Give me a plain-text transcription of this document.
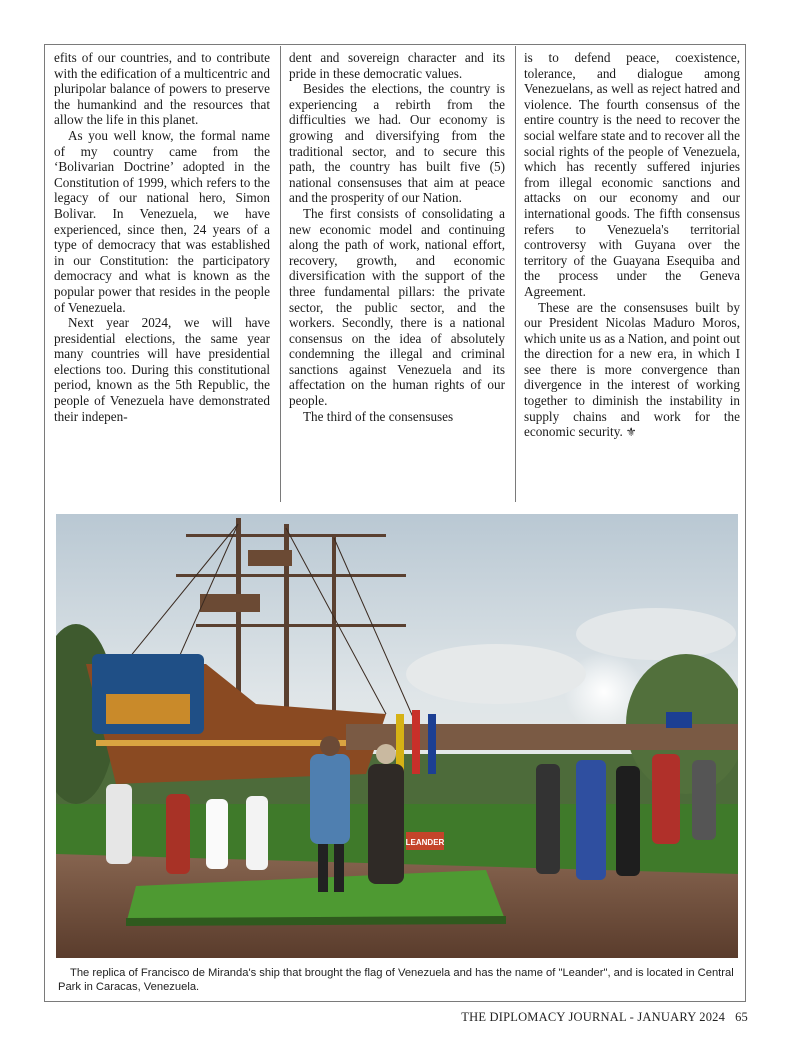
efits of our countries, and to contribute with the edification of a multicentric and pluripolar balance of powers to preserve the humankind and the resources that allow the life in this planet.

As you well know, the formal name of my country came from the ‘Bolivarian Doctrine’ adopted in the Constitution of 1999, which refers to the legacy of our national hero, Simon Bolivar. In Venezuela, we have experienced, since then, 24 years of a type of democracy that was established in our Constitution: the participatory democracy and what is known as the popular power that resides in the people of Venezuela.

Next year 2024, we will have presidential elections, the same year many countries will have presidential elections too. During this constitutional period, known as the 5th Republic, the people of Venezuela have demonstrated their indepen-

dent and sovereign character and its pride in these democratic values.

Besides the elections, the country is experiencing a rebirth from the difficulties we had. Our economy is growing and diversifying from the traditional sector, and to secure this path, the country has built five (5) national consensuses that aim at peace and the prosperity of our Nation.

The first consists of consolidating a new economic model and continuing along the path of work, national effort, recovery, growth, and economic diversification with the support of the three fundamental pillars: the private sector, the public sector, and the workers. Secondly, there is a national consensus on the idea of absolutely condemning the illegal and criminal sanctions against Venezuela and its affectation on the human rights of our people.

The third of the consensuses

is to defend peace, coexistence, tolerance, and dialogue among Venezuelans, as well as reject hatred and violence. The fourth consensus of the entire country is the need to recover the social welfare state and to recover all the social rights of the people of Venezuela, which has recently suffered injuries from illegal economic sanctions and attacks on our economy and our international goods. The fifth consensus refers to Venezuela's territorial controversy with Guyana over the territory of the Guayana Esequiba and the process under the Geneva Agreement.

These are the consensuses built by our President Nicolas Maduro Moros, which unite us as a Nation, and point out the direction for a new era, in which I see there is more convergence than divergence in the interest of working together to diminish the instability in supply chains and work for the economic security. ⚜

LEANDER
The replica of Francisco de Miranda's ship that brought the flag of Venezuela and has the name of "Leander", and is located in Central Park in Caracas, Venezuela.
THE DIPLOMACY JOURNAL - JANUARY 2024 65
